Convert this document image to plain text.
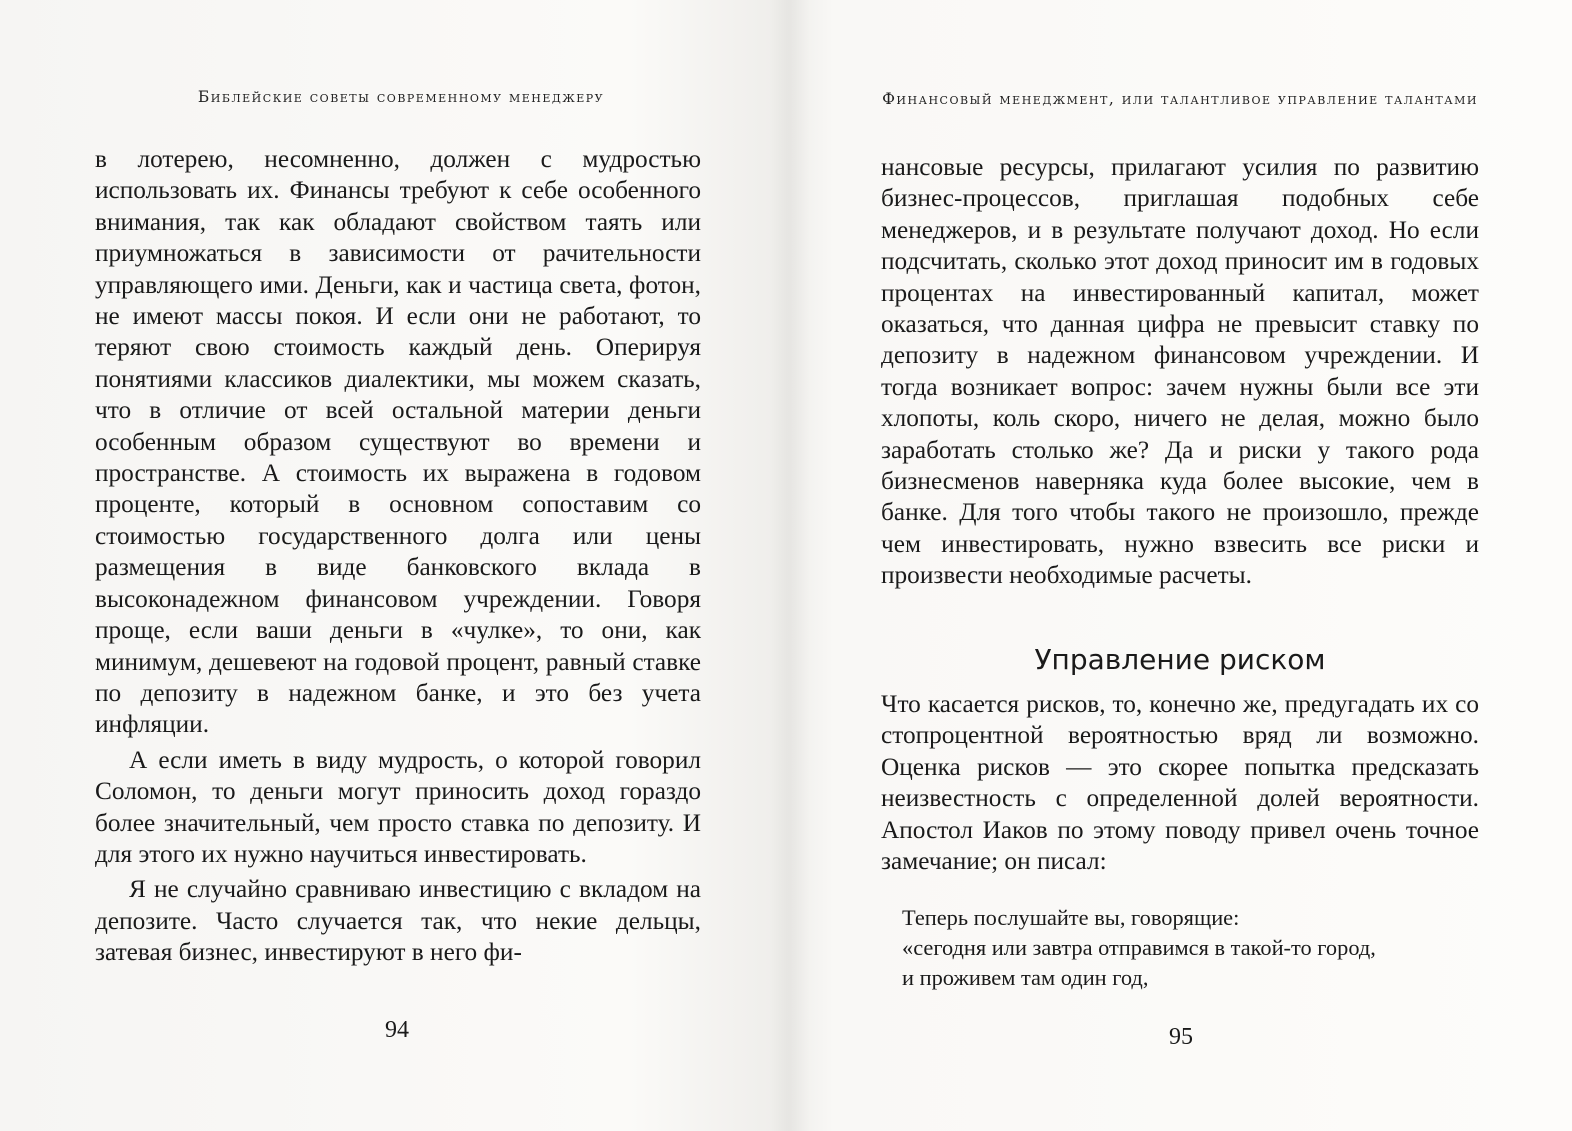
Библейские советы современному менеджеру

в лотерею, несомненно, должен с мудростью использовать их. Финансы требуют к себе особенного внимания, так как обладают свойством таять или приумножаться в зависимости от рачительности управляющего ими. Деньги, как и частица света, фотон, не имеют массы покоя. И если они не работают, то теряют свою стоимость каждый день. Оперируя понятиями классиков диалектики, мы можем сказать, что в отличие от всей остальной материи деньги особенным образом существуют во времени и пространстве. А стоимость их выражена в годовом проценте, который в основном сопоставим со стоимостью государственного долга или цены размещения в виде банковского вклада в высоконадежном финансовом учреждении. Говоря проще, если ваши деньги в «чулке», то они, как минимум, дешевеют на годовой процент, равный ставке по депозиту в надежном банке, и это без учета инфляции.

А если иметь в виду мудрость, о которой говорил Соломон, то деньги могут приносить доход гораздо более значительный, чем просто ставка по депозиту. И для этого их нужно научиться инвестировать.

Я не случайно сравниваю инвестицию с вкладом на депозите. Часто случается так, что некие дельцы, затевая бизнес, инвестируют в него фи-

94
Финансовый менеджмент, или талантливое управление талантами

нансовые ресурсы, прилагают усилия по развитию бизнес-процессов, приглашая подобных себе менеджеров, и в результате получают доход. Но если подсчитать, сколько этот доход приносит им в годовых процентах на инвестированный капитал, может оказаться, что данная цифра не превысит ставку по депозиту в надежном финансовом учреждении. И тогда возникает вопрос: зачем нужны были все эти хлопоты, коль скоро, ничего не делая, можно было заработать столько же? Да и риски у такого рода бизнесменов наверняка куда более высокие, чем в банке. Для того чтобы такого не произошло, прежде чем инвестировать, нужно взвесить все риски и произвести необходимые расчеты.

Управление риском

Что касается рисков, то, конечно же, предугадать их со стопроцентной вероятностью вряд ли возможно. Оценка рисков — это скорее попытка предсказать неизвестность с определенной долей вероятности. Апостол Иаков по этому поводу привел очень точное замечание; он писал:

Теперь послушайте вы, говорящие:
«сегодня или завтра отправимся в такой-то город,
и проживем там один год,
95
